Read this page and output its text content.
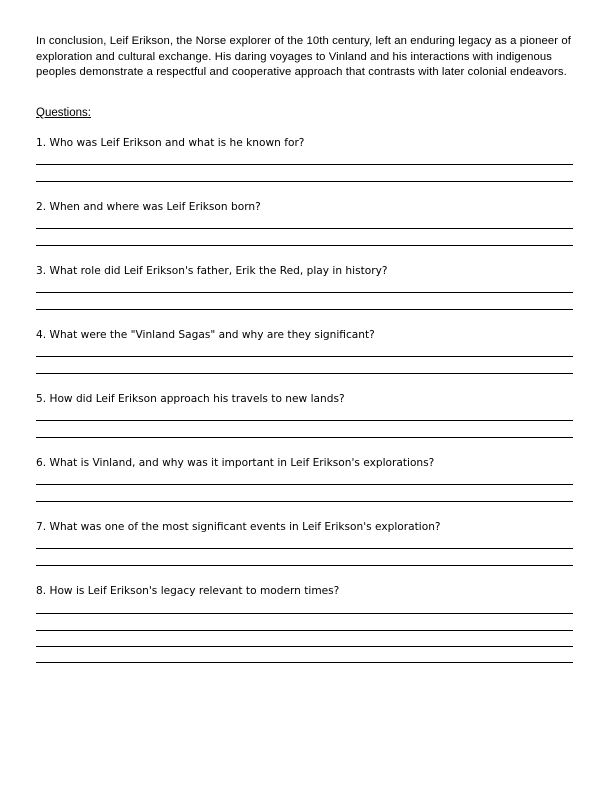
In conclusion, Leif Erikson, the Norse explorer of the 10th century, left an enduring legacy as a pioneer of exploration and cultural exchange. His daring voyages to Vinland and his interactions with indigenous peoples demonstrate a respectful and cooperative approach that contrasts with later colonial endeavors.

Questions:

1. Who was Leif Erikson and what is he known for?

2. When and where was Leif Erikson born?

3. What role did Leif Erikson's father, Erik the Red, play in history?

4. What were the "Vinland Sagas" and why are they significant?

5. How did Leif Erikson approach his travels to new lands?

6. What is Vinland, and why was it important in Leif Erikson's explorations?

7. What was one of the most significant events in Leif Erikson's exploration?

8. How is Leif Erikson's legacy relevant to modern times?
